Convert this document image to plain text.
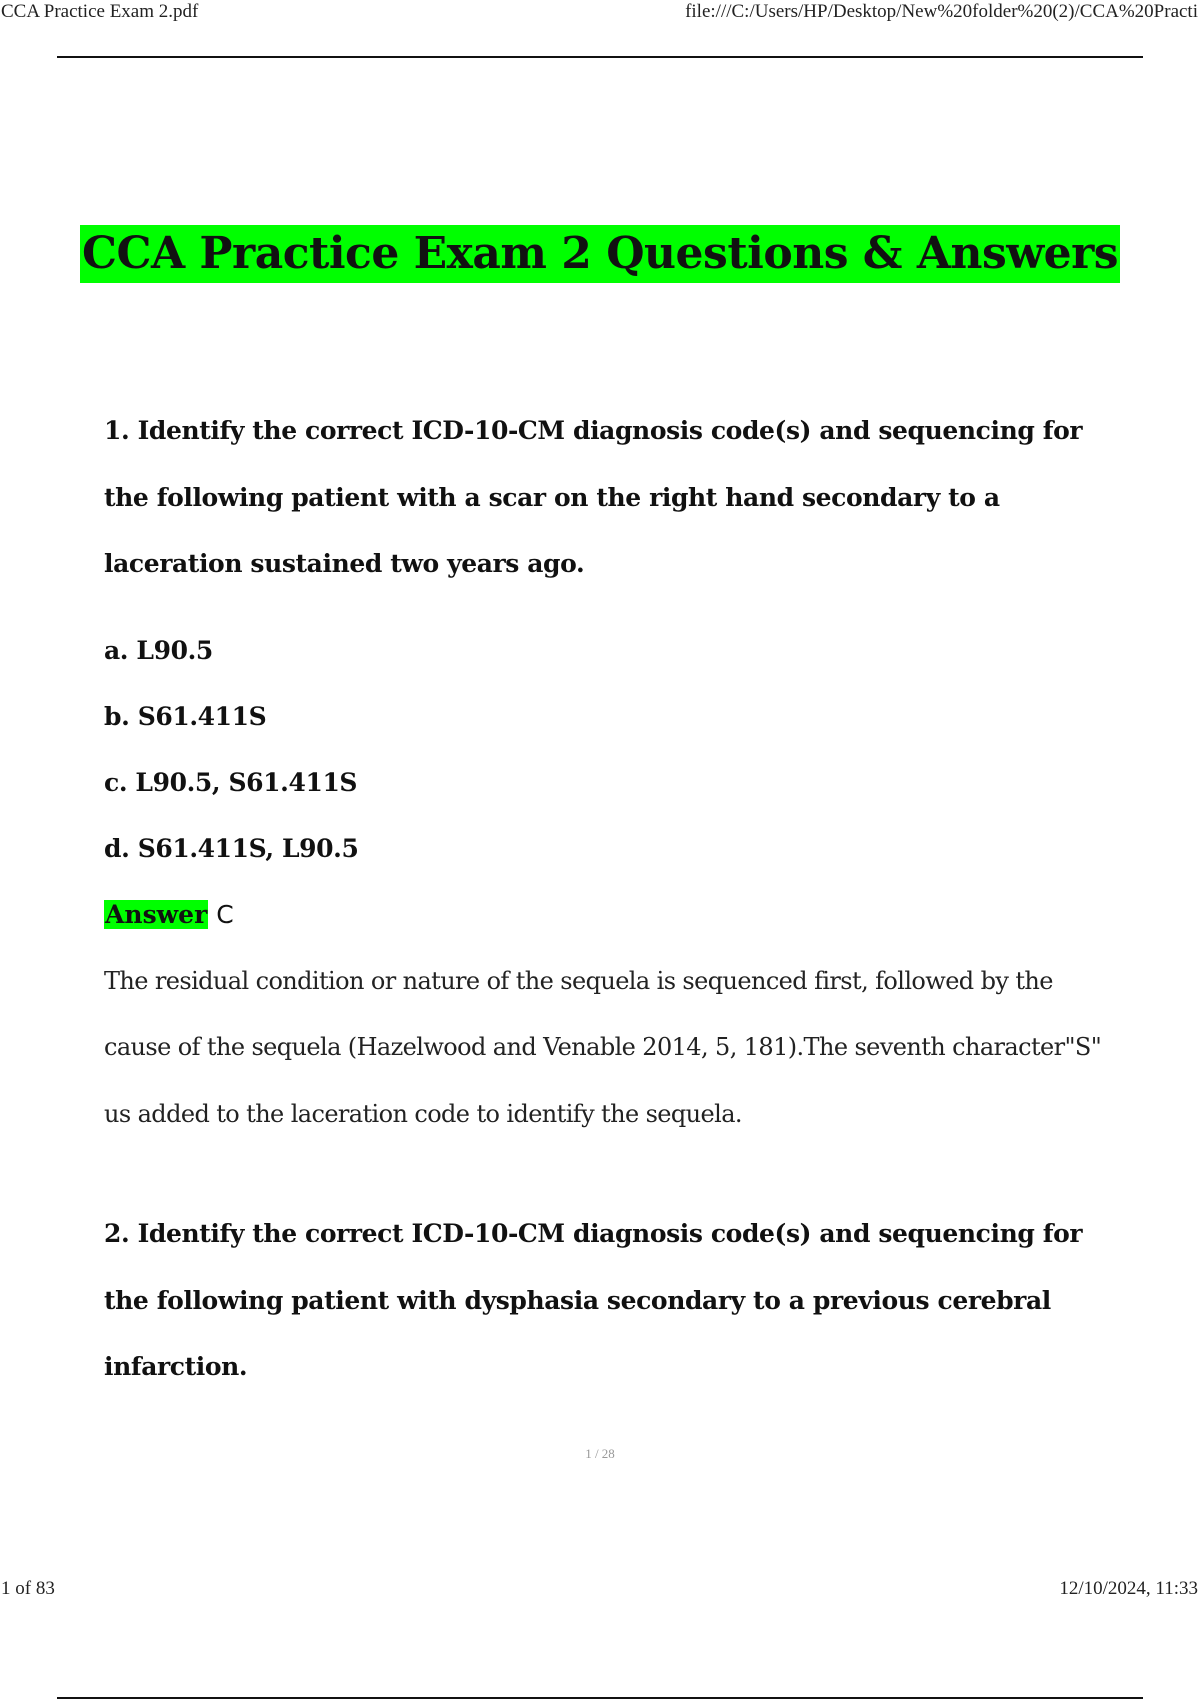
CCA Practice Exam 2.pdf	file:///C:/Users/HP/Desktop/New%20folder%20(2)/CCA%20Practi
CCA Practice Exam 2 Questions & Answers

1. Identify the correct ICD-10-CM diagnosis code(s) and sequencing for the following patient with a scar on the right hand secondary to a laceration sustained two years ago.

a. L90.5
b. S61.411S
c. L90.5, S61.411S
d. S61.411S, L90.5

Answer C

The residual condition or nature of the sequela is sequenced first, followed by the cause of the sequela (Hazelwood and Venable 2014, 5, 181).The seventh character"S" us added to the laceration code to identify the sequela.

2. Identify the correct ICD-10-CM diagnosis code(s) and sequencing for the following patient with dysphasia secondary to a previous cerebral infarction.

1 / 28
1 of 83	12/10/2024, 11:33
